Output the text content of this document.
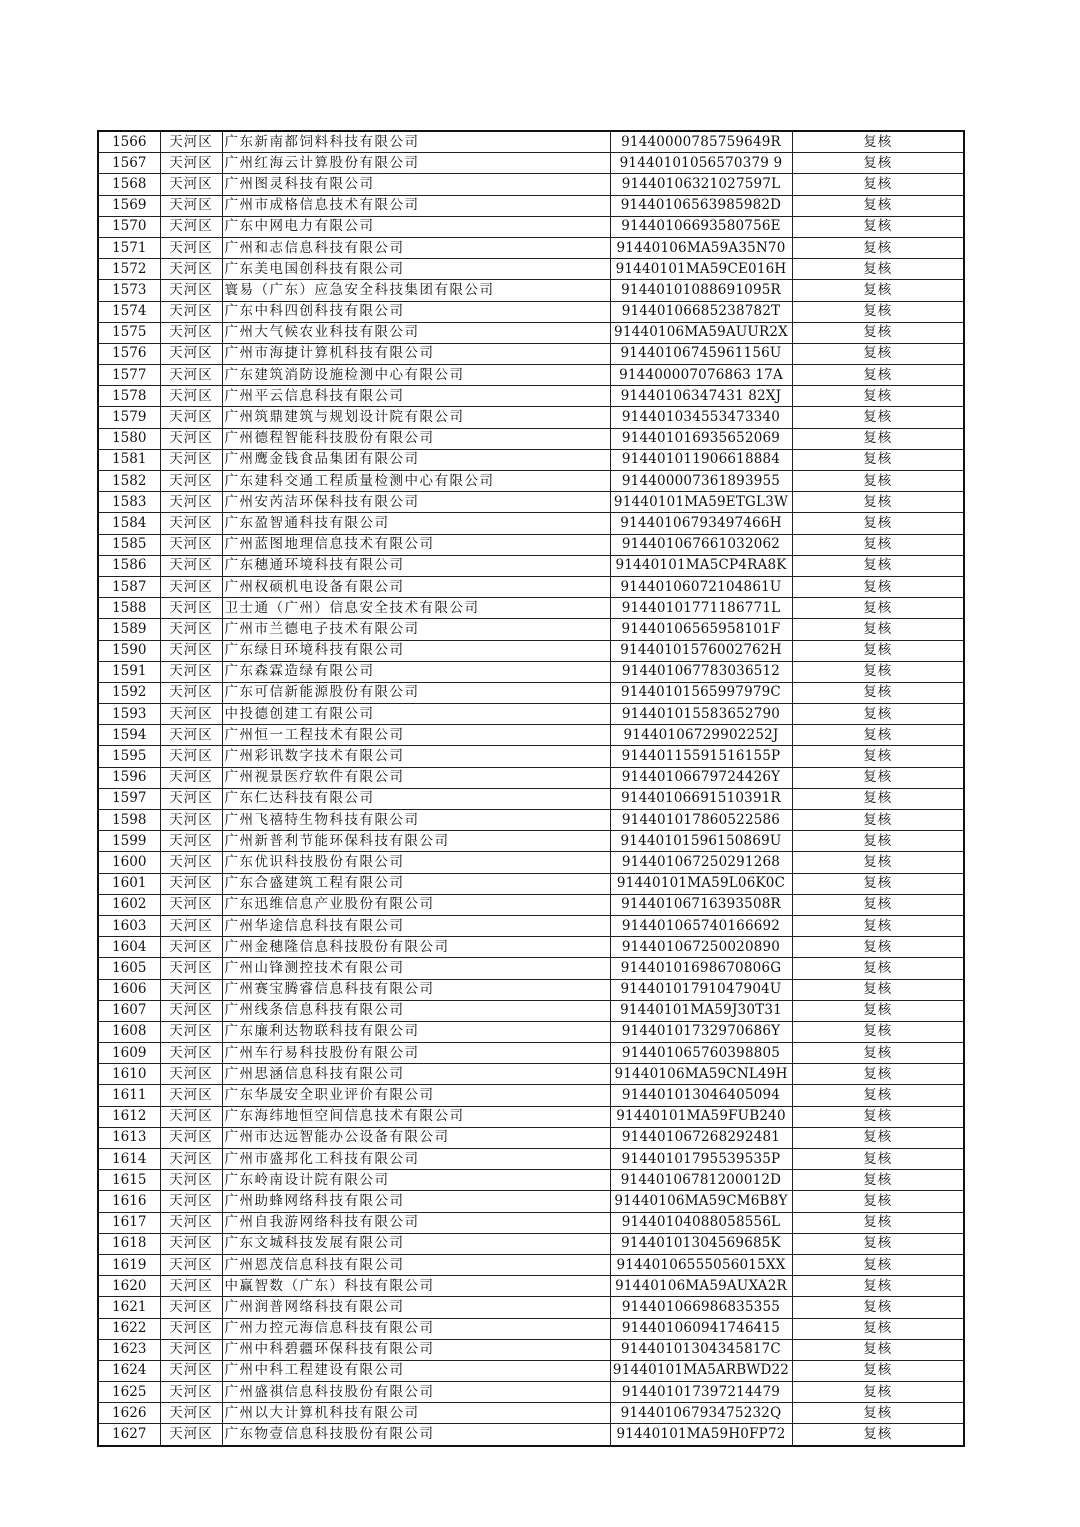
1566	天河区	广东新南都饲料科技有限公司	91440000785759649R	复核
1567	天河区	广州红海云计算股份有限公司	91440101056570379 9	复核
1568	天河区	广州图灵科技有限公司	91440106321027597L	复核
1569	天河区	广州市成格信息技术有限公司	91440106563985982D	复核
1570	天河区	广东中网电力有限公司	91440106693580756E	复核
1571	天河区	广州和志信息科技有限公司	91440106MA59A35N70	复核
1572	天河区	广东美电国创科技有限公司	91440101MA59CE016H	复核
1573	天河区	寰易（广东）应急安全科技集团有限公司	91440101088691095R	复核
1574	天河区	广东中科四创科技有限公司	91440106685238782T	复核
1575	天河区	广州大气候农业科技有限公司	91440106MA59AUUR2X	复核
1576	天河区	广州市海捷计算机科技有限公司	91440106745961156U	复核
1577	天河区	广东建筑消防设施检测中心有限公司	914400007076863 17A	复核
1578	天河区	广州平云信息科技有限公司	91440106347431 82XJ	复核
1579	天河区	广州筑鼎建筑与规划设计院有限公司	914401034553473340	复核
1580	天河区	广州德程智能科技股份有限公司	914401016935652069	复核
1581	天河区	广州鹰金钱食品集团有限公司	914401011906618884	复核
1582	天河区	广东建科交通工程质量检测中心有限公司	914400007361893955	复核
1583	天河区	广州安芮洁环保科技有限公司	91440101MA59ETGL3W	复核
1584	天河区	广东盈智通科技有限公司	91440106793497466H	复核
1585	天河区	广州蓝图地理信息技术有限公司	914401067661032062	复核
1586	天河区	广东穗通环境科技有限公司	91440101MA5CP4RA8K	复核
1587	天河区	广州权硕机电设备有限公司	91440106072104861U	复核
1588	天河区	卫士通（广州）信息安全技术有限公司	91440101771186771L	复核
1589	天河区	广州市兰德电子技术有限公司	91440106565958101F	复核
1590	天河区	广东绿日环境科技有限公司	91440101576002762H	复核
1591	天河区	广东森霖造绿有限公司	914401067783036512	复核
1592	天河区	广东可信新能源股份有限公司	91440101565997979C	复核
1593	天河区	中投德创建工有限公司	914401015583652790	复核
1594	天河区	广州恒一工程技术有限公司	91440106729902252J	复核
1595	天河区	广州彩讯数字技术有限公司	91440115591516155P	复核
1596	天河区	广州视景医疗软件有限公司	91440106679724426Y	复核
1597	天河区	广东仁达科技有限公司	91440106691510391R	复核
1598	天河区	广州飞禧特生物科技有限公司	914401017860522586	复核
1599	天河区	广州新普利节能环保科技有限公司	91440101596150869U	复核
1600	天河区	广东优识科技股份有限公司	914401067250291268	复核
1601	天河区	广东合盛建筑工程有限公司	91440101MA59L06K0C	复核
1602	天河区	广东迅维信息产业股份有限公司	91440106716393508R	复核
1603	天河区	广州华途信息科技有限公司	914401065740166692	复核
1604	天河区	广州金穗隆信息科技股份有限公司	914401067250020890	复核
1605	天河区	广州山锋测控技术有限公司	91440101698670806G	复核
1606	天河区	广州赛宝腾睿信息科技有限公司	91440101791047904U	复核
1607	天河区	广州线条信息科技有限公司	91440101MA59J30T31	复核
1608	天河区	广东廉利达物联科技有限公司	91440101732970686Y	复核
1609	天河区	广州车行易科技股份有限公司	914401065760398805	复核
1610	天河区	广州思涵信息科技有限公司	91440106MA59CNL49H	复核
1611	天河区	广东华晟安全职业评价有限公司	914401013046405094	复核
1612	天河区	广东海纬地恒空间信息技术有限公司	91440101MA59FUB240	复核
1613	天河区	广州市达远智能办公设备有限公司	914401067268292481	复核
1614	天河区	广州市盛邦化工科技有限公司	91440101795539535P	复核
1615	天河区	广东岭南设计院有限公司	91440106781200012D	复核
1616	天河区	广州助蜂网络科技有限公司	91440106MA59CM6B8Y	复核
1617	天河区	广州自我游网络科技有限公司	91440104088058556L	复核
1618	天河区	广东文城科技发展有限公司	91440101304569685K	复核
1619	天河区	广州恩茂信息科技有限公司	91440106555056015XX	复核
1620	天河区	中赢智数（广东）科技有限公司	91440106MA59AUXA2R	复核
1621	天河区	广州润普网络科技有限公司	914401066986835355	复核
1622	天河区	广州力控元海信息科技有限公司	914401060941746415	复核
1623	天河区	广州中科碧疆环保科技有限公司	91440101304345817C	复核
1624	天河区	广州中科工程建设有限公司	91440101MA5ARBWD22	复核
1625	天河区	广州盛祺信息科技股份有限公司	914401017397214479	复核
1626	天河区	广州以大计算机科技有限公司	91440106793475232Q	复核
1627	天河区	广东物壹信息科技股份有限公司	91440101MA59H0FP72	复核
